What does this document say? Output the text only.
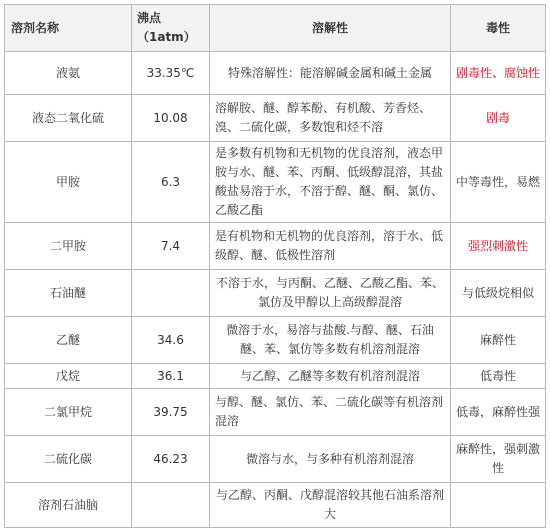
溶剂名称	沸点（1atm）	溶解性	毒性
液氨	33.35℃	特殊溶解性：能溶解碱金属和碱土金属	剧毒性、腐蚀性
液态二氧化硫	10.08	溶解胺、醚、醇苯酚、有机酸、芳香烃、溴、二硫化碳，多数饱和烃不溶	剧毒
甲胺	6.3	是多数有机物和无机物的优良溶剂，液态甲胺与水、醚、苯、丙酮、低级醇混溶，其盐酸盐易溶于水，不溶于醇、醚、酮、氯仿、乙酸乙酯	中等毒性，易燃
二甲胺	7.4	是有机物和无机物的优良溶剂，溶于水、低级醇、醚、低极性溶剂	强烈刺激性
石油醚		不溶于水，与丙酮、乙醚、乙酸乙酯、苯、氯仿及甲醇以上高级醇混溶	与低级烷相似
乙醚	34.6	微溶于水，易溶与盐酸.与醇、醚、石油醚、苯、氯仿等多数有机溶剂混溶	麻醉性
戊烷	36.1	与乙醇、乙醚等多数有机溶剂混溶	低毒性
二氯甲烷	39.75	与醇、醚、氯仿、苯、二硫化碳等有机溶剂混溶	低毒，麻醉性强
二硫化碳	46.23	微溶与水，与多种有机溶剂混溶	麻醉性，强刺激性
溶剂石油脑		与乙醇、丙酮、戊醇混溶较其他石油系溶剂大	
